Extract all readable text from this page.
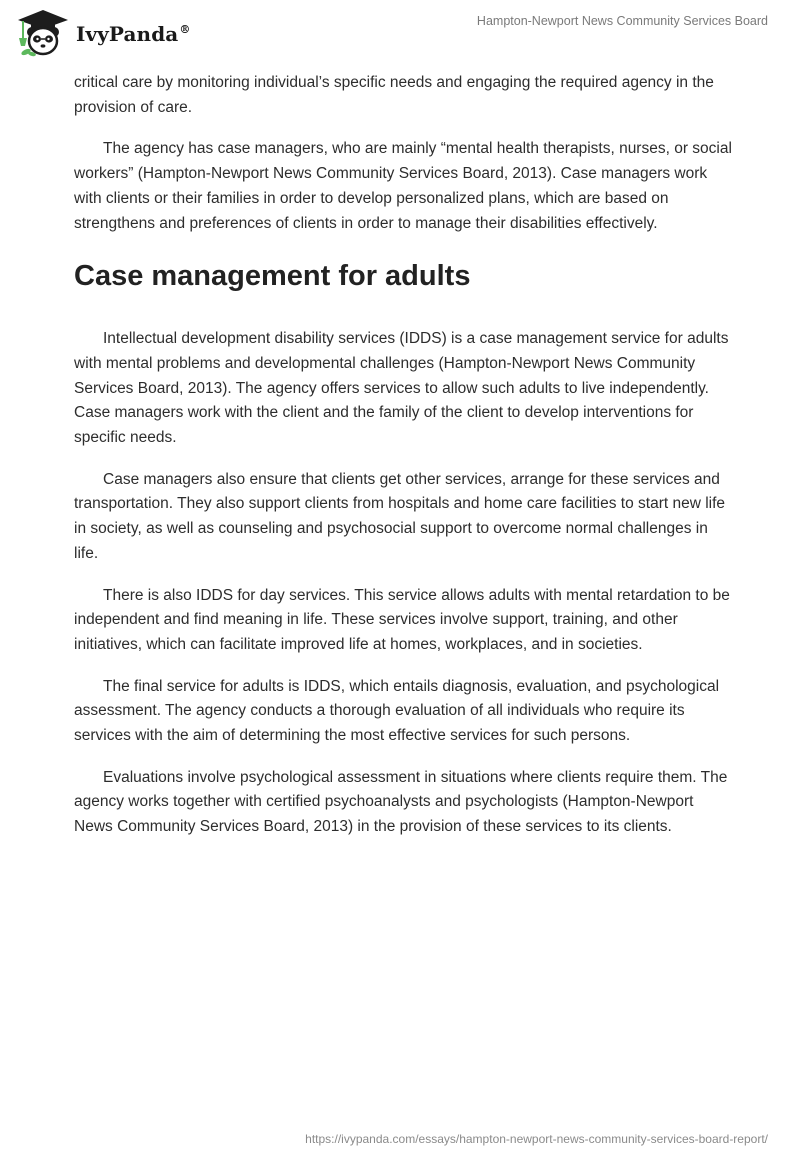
IvyPanda®
Hampton-Newport News Community Services Board

critical care by monitoring individual’s specific needs and engaging the required agency in the provision of care.

The agency has case managers, who are mainly “mental health therapists, nurses, or social workers” (Hampton-Newport News Community Services Board, 2013). Case managers work with clients or their families in order to develop personalized plans, which are based on strengthens and preferences of clients in order to manage their disabilities effectively.

Case management for adults

Intellectual development disability services (IDDS) is a case management service for adults with mental problems and developmental challenges (Hampton-Newport News Community Services Board, 2013). The agency offers services to allow such adults to live independently. Case managers work with the client and the family of the client to develop interventions for specific needs.

Case managers also ensure that clients get other services, arrange for these services and transportation. They also support clients from hospitals and home care facilities to start new life in society, as well as counseling and psychosocial support to overcome normal challenges in life.

There is also IDDS for day services. This service allows adults with mental retardation to be independent and find meaning in life. These services involve support, training, and other initiatives, which can facilitate improved life at homes, workplaces, and in societies.

The final service for adults is IDDS, which entails diagnosis, evaluation, and psychological assessment. The agency conducts a thorough evaluation of all individuals who require its services with the aim of determining the most effective services for such persons.

Evaluations involve psychological assessment in situations where clients require them. The agency works together with certified psychoanalysts and psychologists (Hampton-Newport News Community Services Board, 2013) in the provision of these services to its clients.

https://ivypanda.com/essays/hampton-newport-news-community-services-board-report/
